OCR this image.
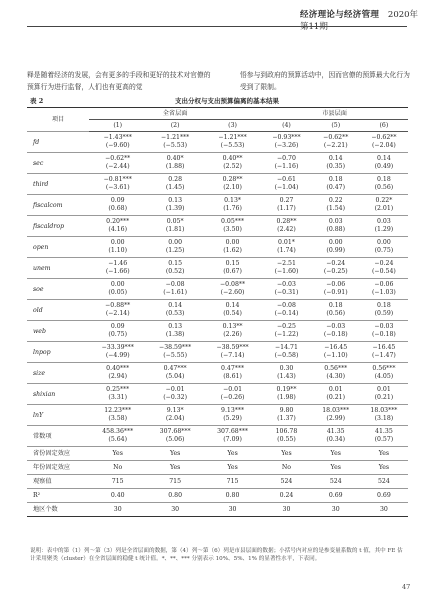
经济理论与经济管理 2020年第11期
释是随着经济的发展，会有更多的手段和更好的技术对官僚的预算行为进行监督，人们也有更高的觉
悟参与到政府的预算活动中，因而官僚的预算最大化行为受到了限制。
表 2	支出分权与支出预算偏离的基本结果
项目	全省层面			市县层面		
	(1)	(2)	(3)	(4)	(5)	(6)
fd	−1.43***	−1.21***	−1.21***	−0.93***	−0.62**	−0.62**
	(−9.60)	(−5.53)	(−5.53)	(−3.26)	(−2.21)	(−2.04)
sec	−0.62**	0.40*	0.40**	−0.70	0.14	0.14
	(−2.44)	(1.88)	(2.52)	(−1.16)	(0.35)	(0.49)
third	−0.81***	0.28	0.28**	−0.61	0.18	0.18
	(−3.61)	(1.45)	(2.10)	(−1.04)	(0.47)	(0.56)
fiscalcom	0.09	0.13	0.13*	0.27	0.22	0.22*
	(0.68)	(1.39)	(1.76)	(1.17)	(1.54)	(2.01)
fiscaldrop	0.20***	0.05*	0.05***	0.28**	0.03	0.03
	(4.16)	(1.81)	(3.50)	(2.42)	(0.88)	(1.29)
open	0.00	0.00	0.00	0.01*	0.00	0.00
	(1.10)	(1.25)	(1.62)	(1.74)	(0.99)	(0.75)
unem	−1.46	0.15	0.15	−2.51	−0.24	−0.24
	(−1.66)	(0.52)	(0.67)	(−1.60)	(−0.25)	(−0.54)
soe	0.00	−0.08	−0.08**	−0.03	−0.06	−0.06
	(0.05)	(−1.61)	(−2.60)	(−0.31)	(−0.91)	(−1.03)
old	−0.88**	0.14	0.14	−0.08	0.18	0.18
	(−2.14)	(0.53)	(0.54)	(−0.14)	(0.56)	(0.59)
web	0.09	0.13	0.13**	−0.25	−0.03	−0.03
	(0.75)	(1.38)	(2.26)	(−1.22)	(−0.18)	(−0.18)
lnpop	−33.39***	−38.59***	−38.59***	−14.71	−16.45	−16.45
	(−4.99)	(−5.55)	(−7.14)	(−0.58)	(−1.10)	(−1.47)
size	0.40***	0.47***	0.47***	0.30	0.56***	0.56***
	(2.94)	(5.04)	(8.61)	(1.43)	(4.30)	(4.05)
shixian	0.25***	−0.01	−0.01	0.19**	0.01	0.01
	(3.31)	(−0.32)	(−0.26)	(1.98)	(0.21)	(0.21)
lnY	12.23***	9.13*	9.13***	9.80	18.03***	18.03***
	(3.58)	(2.04)	(5.29)	(1.37)	(2.99)	(3.18)
常数项	458.36***	307.68***	307.68***	106.78	41.35	41.35
	(5.64)	(5.06)	(7.09)	(0.55)	(0.34)	(0.57)
省份固定效应	Yes	Yes	Yes	Yes	Yes	Yes
年份固定效应	No	Yes	Yes	No	Yes	Yes
观察值	715	715	715	524	524	524
R²	0.40	0.80	0.80	0.24	0.69	0.69
地区个数	30	30	30	30	30	30
说明：表中的第（1）列～第（3）列是全省层面的数据，第（4）列～第（6）列是市县层面的数据；小括号内对应的是参变量系数的 t 值，其中 FE 估计采用聚类（cluster）在全省层面的稳健 t 统计值。*、**、*** 分别表示 10%、5%、1% 的显著性水平，下表同。
47
